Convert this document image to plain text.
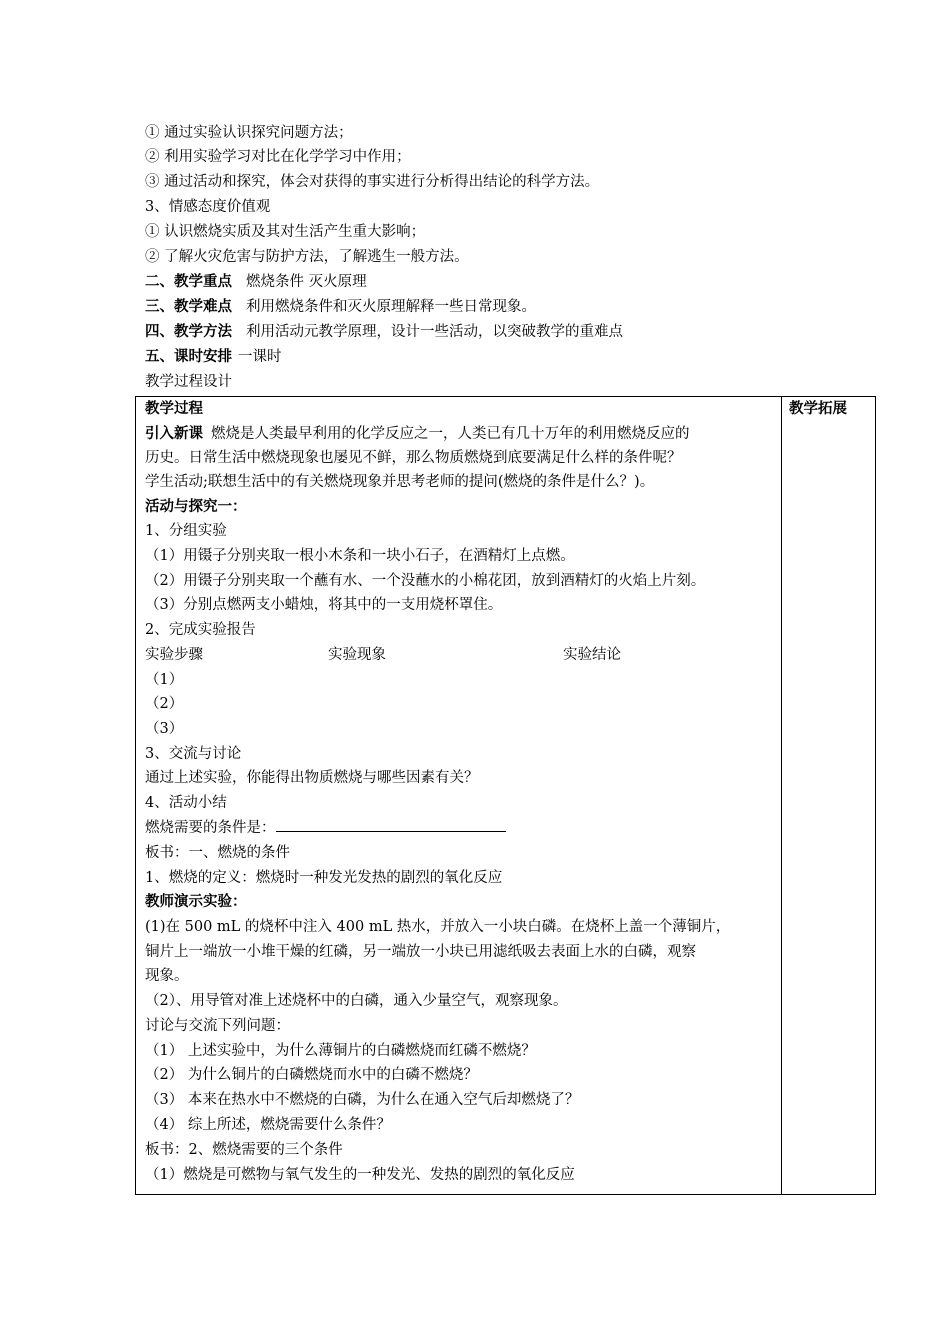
① 通过实验认识探究问题方法；
② 利用实验学习对比在化学学习中作用；
③ 通过活动和探究，体会对获得的事实进行分析得出结论的科学方法。
3、情感态度价值观
① 认识燃烧实质及其对生活产生重大影响；
② 了解火灾危害与防护方法，了解逃生一般方法。
二、教学重点 燃烧条件 灭火原理
三、教学难点 利用燃烧条件和灭火原理解释一些日常现象。
四、教学方法 利用活动元教学原理，设计一些活动，以突破教学的重难点
五、课时安排 一课时
教学过程设计
教学过程
引入新课 燃烧是人类最早利用的化学反应之一，人类已有几十万年的利用燃烧反应的
历史。日常生活中燃烧现象也屡见不鲜，那么物质燃烧到底要满足什么样的条件呢？
学生活动;联想生活中的有关燃烧现象并思考老师的提问(燃烧的条件是什么？)。
活动与探究一：
1、分组实验
（1）用镊子分别夹取一根小木条和一块小石子，在酒精灯上点燃。
（2）用镊子分别夹取一个蘸有水、一个没蘸水的小棉花团，放到酒精灯的火焰上片刻。
（3）分别点燃两支小蜡烛，将其中的一支用烧杯罩住。
2、完成实验报告
实验步骤	实验现象	实验结论
（1）
（2）
（3）
3、交流与讨论
通过上述实验，你能得出物质燃烧与哪些因素有关？
4、活动小结
燃烧需要的条件是：
板书：一、燃烧的条件
1、燃烧的定义：燃烧时一种发光发热的剧烈的氧化反应
教师演示实验：
(1)在 500 mL 的烧杯中注入 400 mL 热水，并放入一小块白磷。在烧杯上盖一个薄铜片，
铜片上一端放一小堆干燥的红磷，另一端放一小块已用滤纸吸去表面上水的白磷，观察
现象。
（2）、用导管对准上述烧杯中的白磷，通入少量空气，观察现象。
讨论与交流下列问题：
（1） 上述实验中，为什么薄铜片的白磷燃烧而红磷不燃烧？
（2） 为什么铜片的白磷燃烧而水中的白磷不燃烧？
（3） 本来在热水中不燃烧的白磷，为什么在通入空气后却燃烧了？
（4） 综上所述，燃烧需要什么条件？
板书：2、燃烧需要的三个条件
（1）燃烧是可燃物与氧气发生的一种发光、发热的剧烈的氧化反应
教学拓展
